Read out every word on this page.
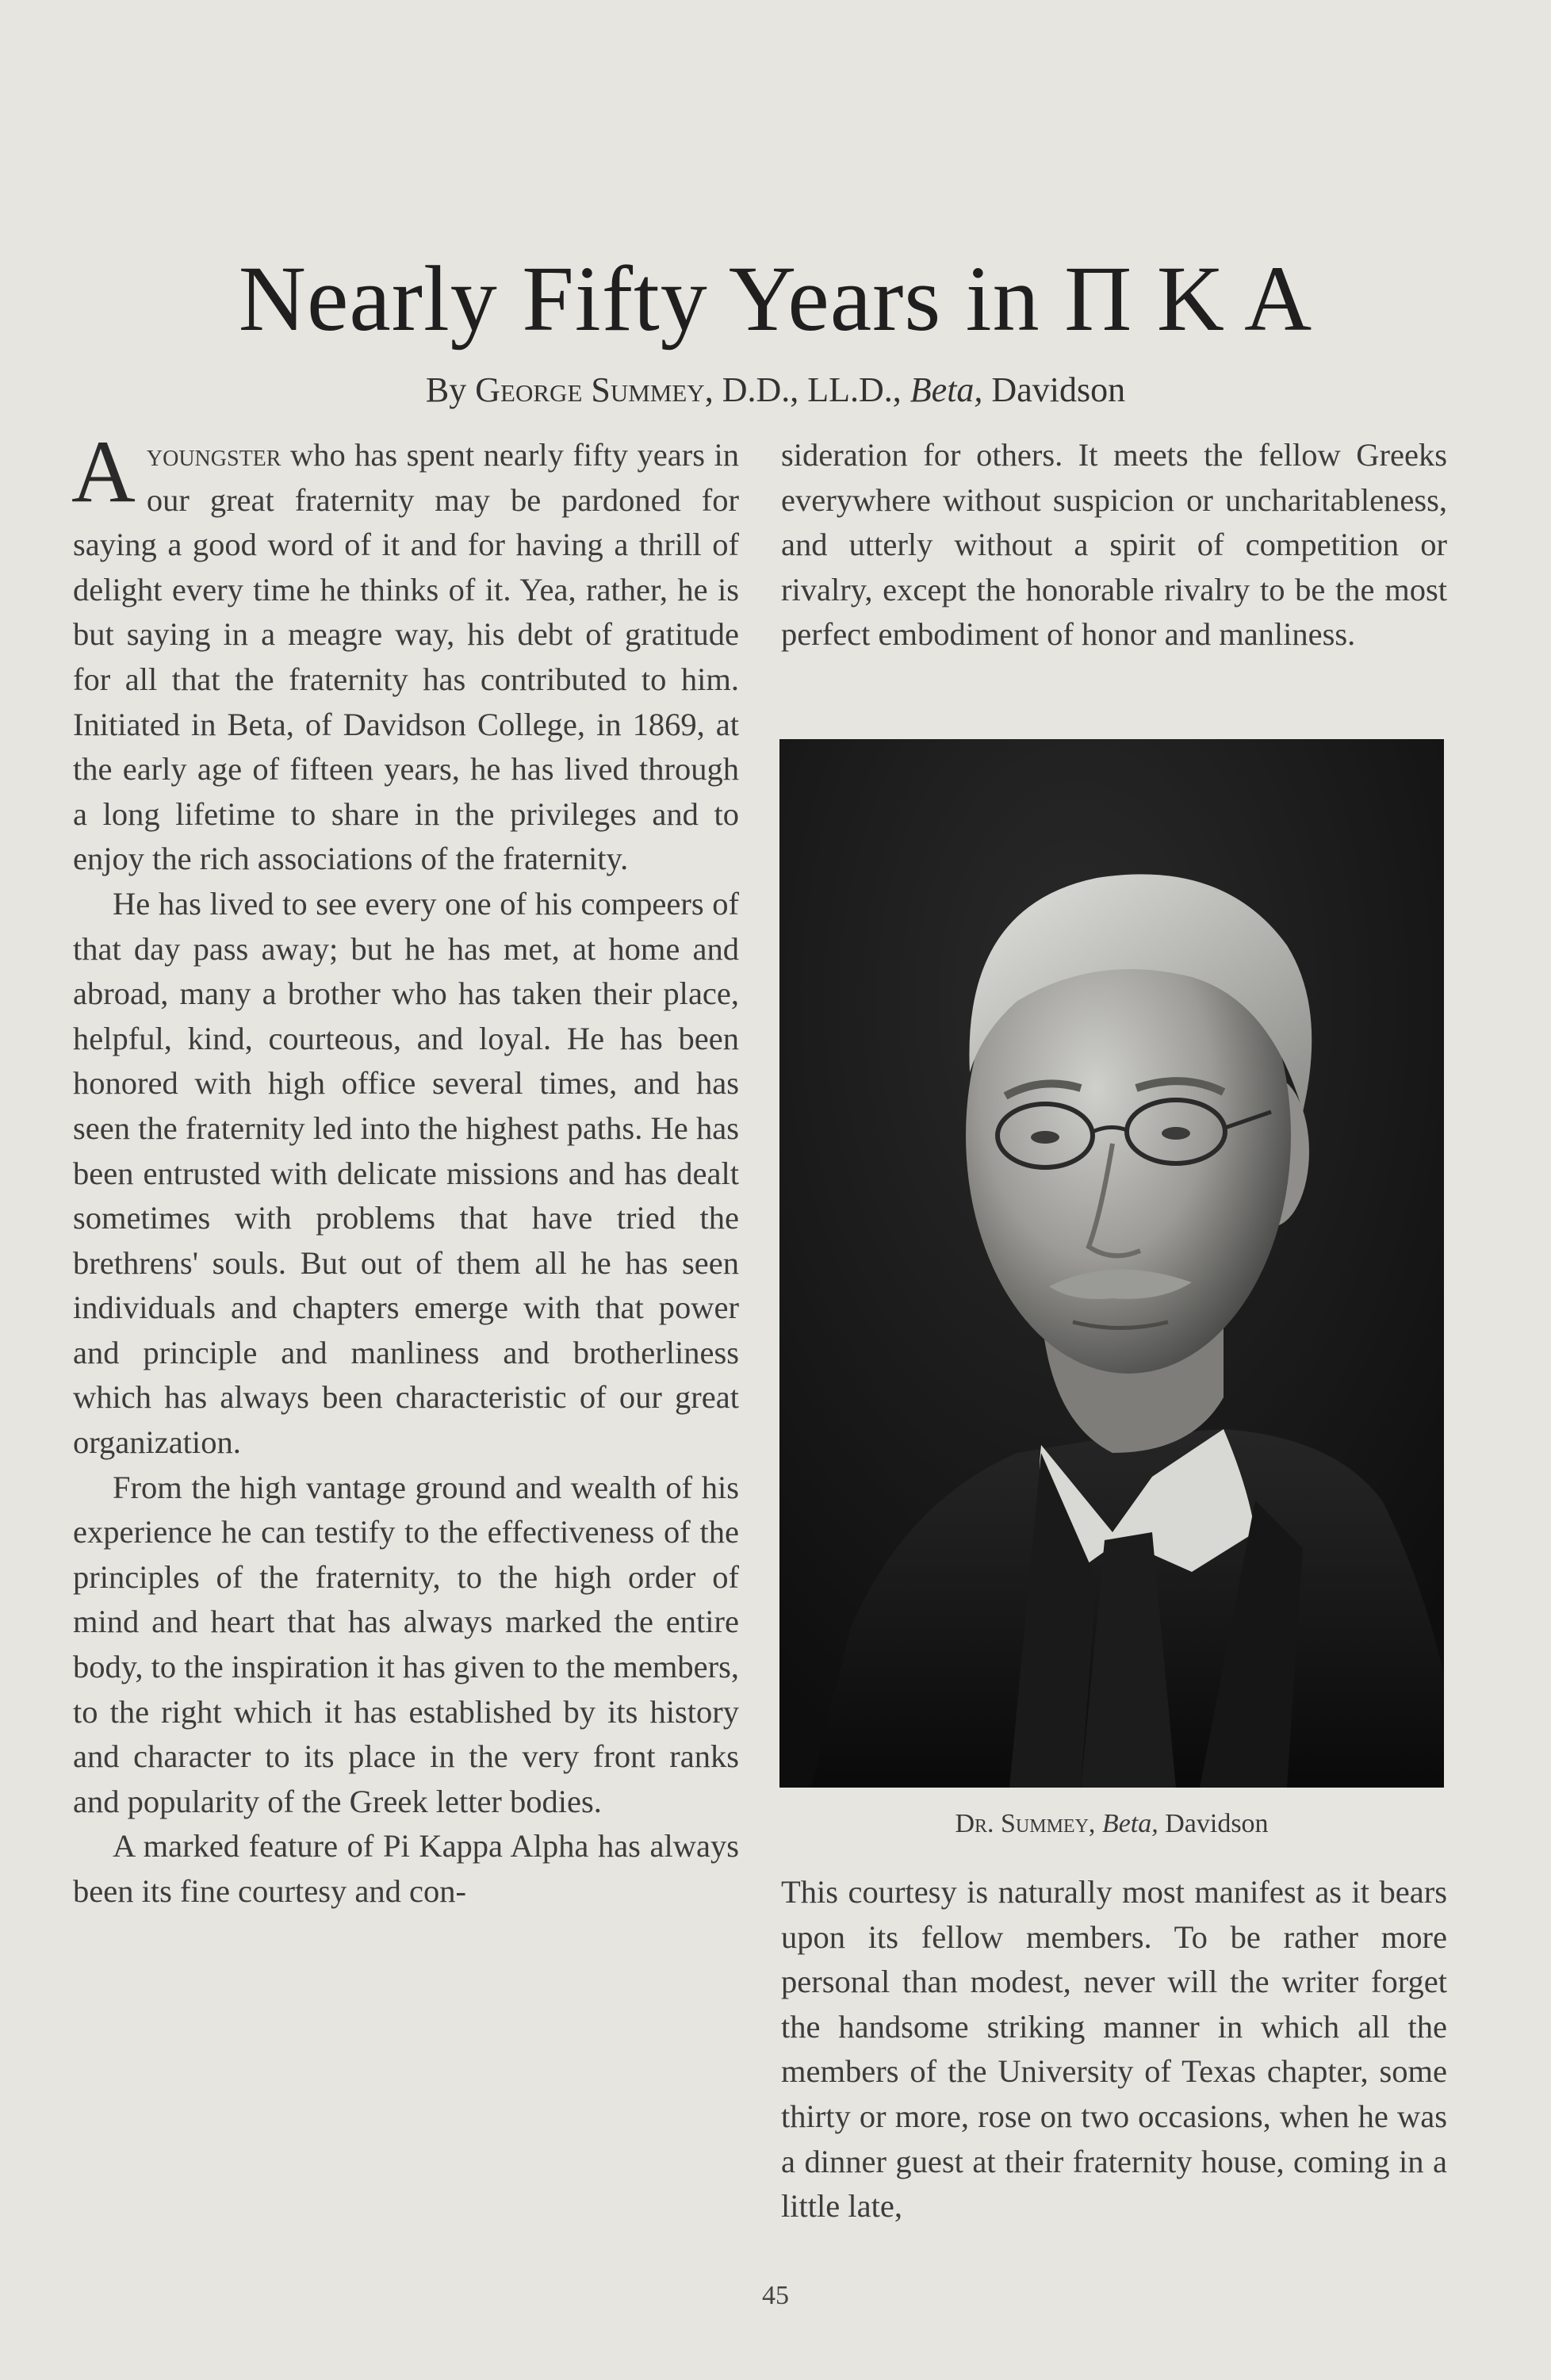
Nearly Fifty Years in Π K A
By George Summey, D.D., LL.D., Beta, Davidson

Ayoungster who has spent nearly fifty years in our great fraternity may be pardoned for saying a good word of it and for having a thrill of delight every time he thinks of it. Yea, rather, he is but saying in a meagre way, his debt of gratitude for all that the fraternity has contributed to him. Initiated in Beta, of Davidson College, in 1869, at the early age of fifteen years, he has lived through a long lifetime to share in the privileges and to enjoy the rich associations of the fraternity.

He has lived to see every one of his compeers of that day pass away; but he has met, at home and abroad, many a brother who has taken their place, helpful, kind, courteous, and loyal. He has been honored with high office several times, and has seen the fraternity led into the highest paths. He has been entrusted with delicate missions and has dealt sometimes with problems that have tried the brethrens' souls. But out of them all he has seen individuals and chapters emerge with that power and principle and manliness and brotherliness which has always been characteristic of our great organization.

From the high vantage ground and wealth of his experience he can testify to the effectiveness of the principles of the fraternity, to the high order of mind and heart that has always marked the entire body, to the inspiration it has given to the members, to the right which it has established by its history and character to its place in the very front ranks and popularity of the Greek letter bodies.

A marked feature of Pi Kappa Alpha has always been its fine courtesy and con-

sideration for others. It meets the fellow Greeks everywhere without suspicion or uncharitableness, and utterly without a spirit of competition or rivalry, except the honorable rivalry to be the most perfect embodiment of honor and manliness.

Dr. Summey, Beta, Davidson

This courtesy is naturally most manifest as it bears upon its fellow members. To be rather more personal than modest, never will the writer forget the handsome striking manner in which all the members of the University of Texas chapter, some thirty or more, rose on two occasions, when he was a dinner guest at their fraternity house, coming in a little late,

45
